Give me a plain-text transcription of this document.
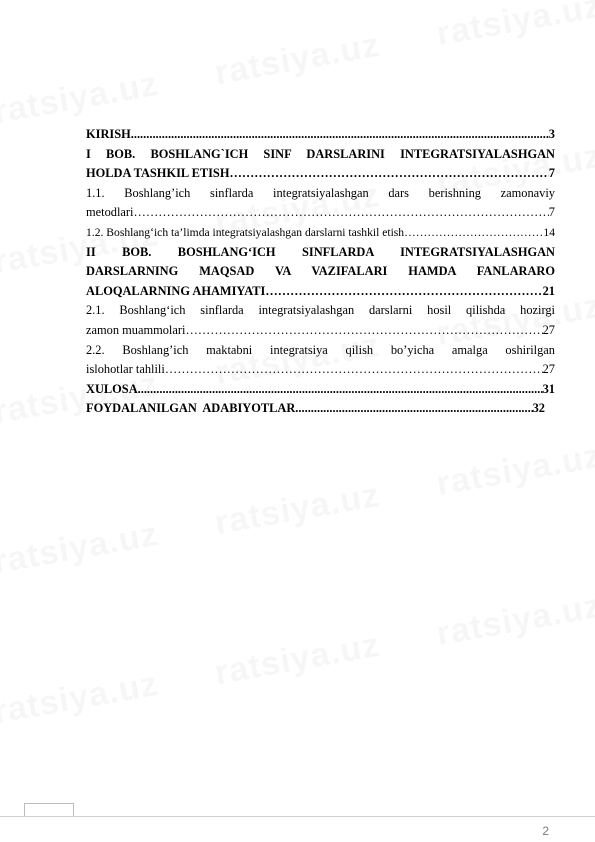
KIRISH .....	3
I BOB. BOSHLANG`ICH SINF DARSLARINI INTEGRATSIYALASHGAN
HOLDA TASHKIL ETISH ……………………………………………………………………………………………………………………………………………	7
1.1. Boshlang’ich sinflarda integratsiyalashgan dars berishning zamonaviy
metodlari ……………………………………………………………………………………………………………………………………………	7
1.2. Boshlang‘ich ta’limda integratsiyalashgan darslarni tashkil etish ……………………………………………………………………………………………………………………………………………	14
II BOB. BOSHLANG‘ICH SINFLARDA INTEGRATSIYALASHGAN
DARSLARNING MAQSAD VA VAZIFALARI HAMDA FANLARARO
ALOQALARNING AHAMIYATI ……………………………………………………………………………………………………………………………………………	21
2.1. Boshlang‘ich sinflarda integratsiyalashgan darslarni hosil qilishda hozirgi
zamon muammolari ……………………………………………………………………………………………………………………………………………	27
2.2. Boshlang’ich maktabni integratsiya qilish bo’yicha amalga oshirilgan
islohotlar tahlili ……………………………………………………………………………………………………………………………………………	27
XULOSA .....	31
FOYDALANILGAN  ADABIYOTLAR .....	32
2
